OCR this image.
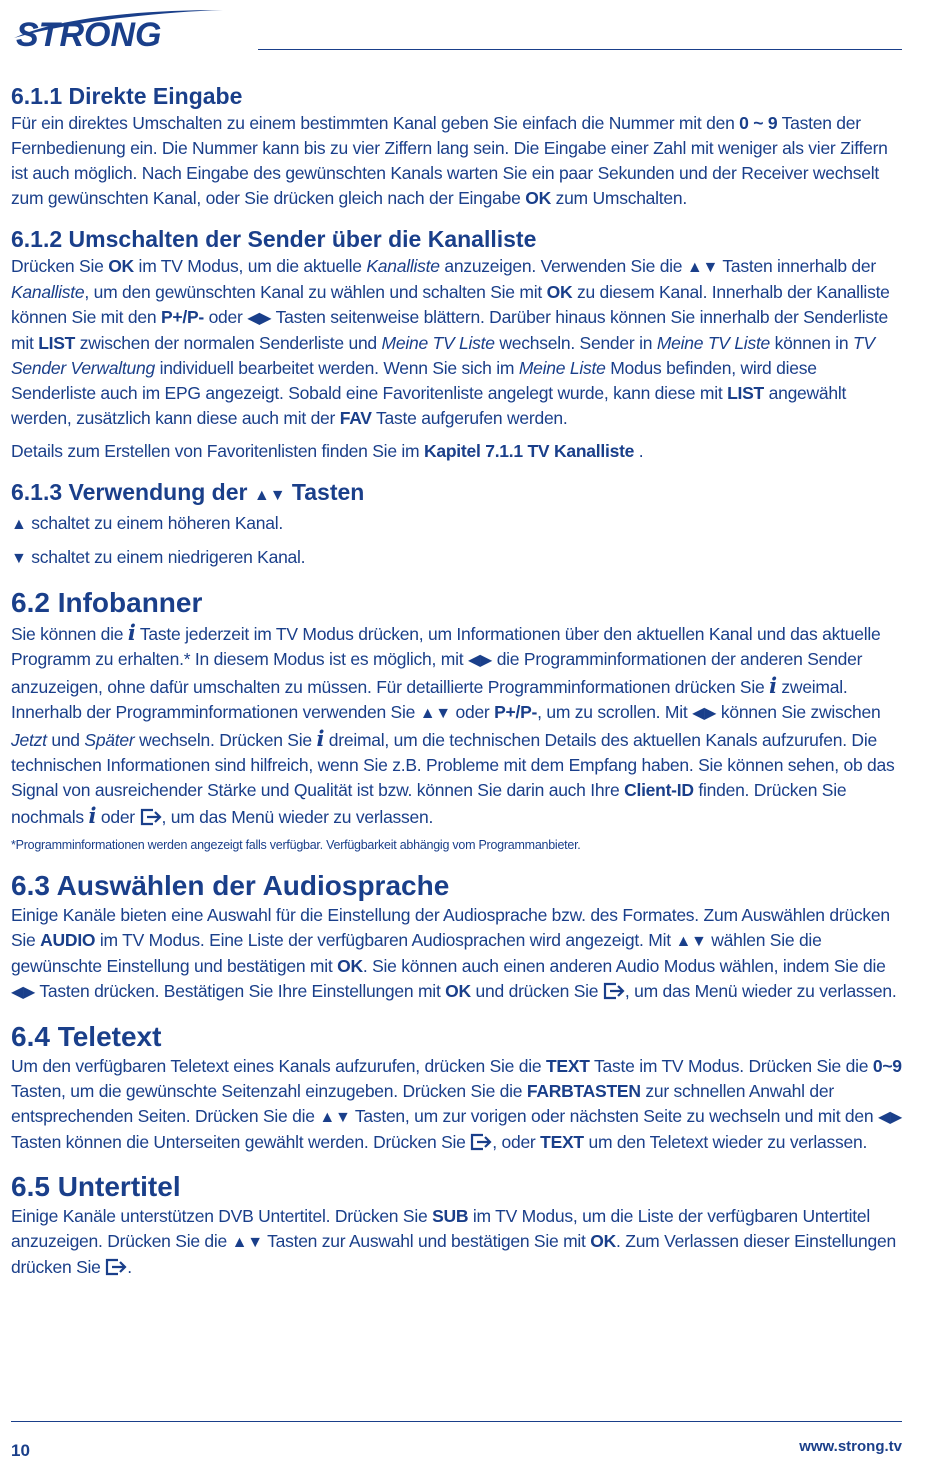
STRONG
6.1.1 Direkte Eingabe

Für ein direktes Umschalten zu einem bestimmten Kanal geben Sie einfach die Nummer mit den 0 ~ 9 Tasten der Fernbedienung ein. Die Nummer kann bis zu vier Ziffern lang sein. Die Eingabe einer Zahl mit weniger als vier Ziffern ist auch möglich. Nach Eingabe des gewünschten Kanals warten Sie ein paar Sekunden und der Receiver wechselt zum gewünschten Kanal, oder Sie drücken gleich nach der Eingabe OK zum Umschalten.

6.1.2 Umschalten der Sender über die Kanalliste

Drücken Sie OK im TV Modus, um die aktuelle Kanalliste anzuzeigen. Verwenden Sie die ▲▼ Tasten innerhalb der Kanalliste, um den gewünschten Kanal zu wählen und schalten Sie mit OK zu diesem Kanal. Innerhalb der Kanalliste können Sie mit den P+/P- oder ◀▶ Tasten seitenweise blättern. Darüber hinaus können Sie innerhalb der Senderliste mit LIST zwischen der normalen Senderliste und Meine TV Liste wechseln. Sender in Meine TV Liste können in TV Sender Verwaltung individuell bearbeitet werden. Wenn Sie sich im Meine Liste Modus befinden, wird diese Senderliste auch im EPG angezeigt. Sobald eine Favoritenliste angelegt wurde, kann diese mit LIST angewählt werden, zusätzlich kann diese auch mit der FAV Taste aufgerufen werden.

Details zum Erstellen von Favoritenlisten finden Sie im Kapitel 7.1.1 TV Kanalliste .

6.1.3 Verwendung der ▲▼ Tasten

▲ schaltet zu einem höheren Kanal.

▼ schaltet zu einem niedrigeren Kanal.

6.2 Infobanner

Sie können die i Taste jederzeit im TV Modus drücken, um Informationen über den aktuellen Kanal und das aktuelle Programm zu erhalten.* In diesem Modus ist es möglich, mit ◀▶ die Programminformationen der anderen Sender anzuzeigen, ohne dafür umschalten zu müssen. Für detaillierte Programminformationen drücken Sie i zweimal. Innerhalb der Programminformationen verwenden Sie ▲▼ oder P+/P-, um zu scrollen. Mit ◀▶ können Sie zwischen Jetzt und Später wechseln. Drücken Sie i dreimal, um die technischen Details des aktuellen Kanals aufzurufen. Die technischen Informationen sind hilfreich, wenn Sie z.B. Probleme mit dem Empfang haben. Sie können sehen, ob das Signal von ausreichender Stärke und Qualität ist bzw. können Sie darin auch Ihre Client-ID finden. Drücken Sie nochmals i oder , um das Menü wieder zu verlassen.

*Programminformationen werden angezeigt falls verfügbar. Verfügbarkeit abhängig vom Programmanbieter.

6.3 Auswählen der Audiosprache

Einige Kanäle bieten eine Auswahl für die Einstellung der Audiosprache bzw. des Formates. Zum Auswählen drücken Sie AUDIO im TV Modus. Eine Liste der verfügbaren Audiosprachen wird angezeigt. Mit ▲▼ wählen Sie die gewünschte Einstellung und bestätigen mit OK. Sie können auch einen anderen Audio Modus wählen, indem Sie die ◀▶ Tasten drücken. Bestätigen Sie Ihre Einstellungen mit OK und drücken Sie , um das Menü wieder zu verlassen.

6.4 Teletext

Um den verfügbaren Teletext eines Kanals aufzurufen, drücken Sie die TEXT Taste im TV Modus. Drücken Sie die 0~9 Tasten, um die gewünschte Seitenzahl einzugeben. Drücken Sie die FARBTASTEN zur schnellen Anwahl der entsprechenden Seiten. Drücken Sie die ▲▼ Tasten, um zur vorigen oder nächsten Seite zu wechseln und mit den ◀▶ Tasten können die Unterseiten gewählt werden. Drücken Sie , oder TEXT um den Teletext wieder zu verlassen.

6.5 Untertitel

Einige Kanäle unterstützen DVB Untertitel. Drücken Sie SUB im TV Modus, um die Liste der verfügbaren Untertitel anzuzeigen. Drücken Sie die ▲▼ Tasten zur Auswahl und bestätigen Sie mit OK. Zum Verlassen dieser Einstellungen drücken Sie .

10	www.strong.tv
